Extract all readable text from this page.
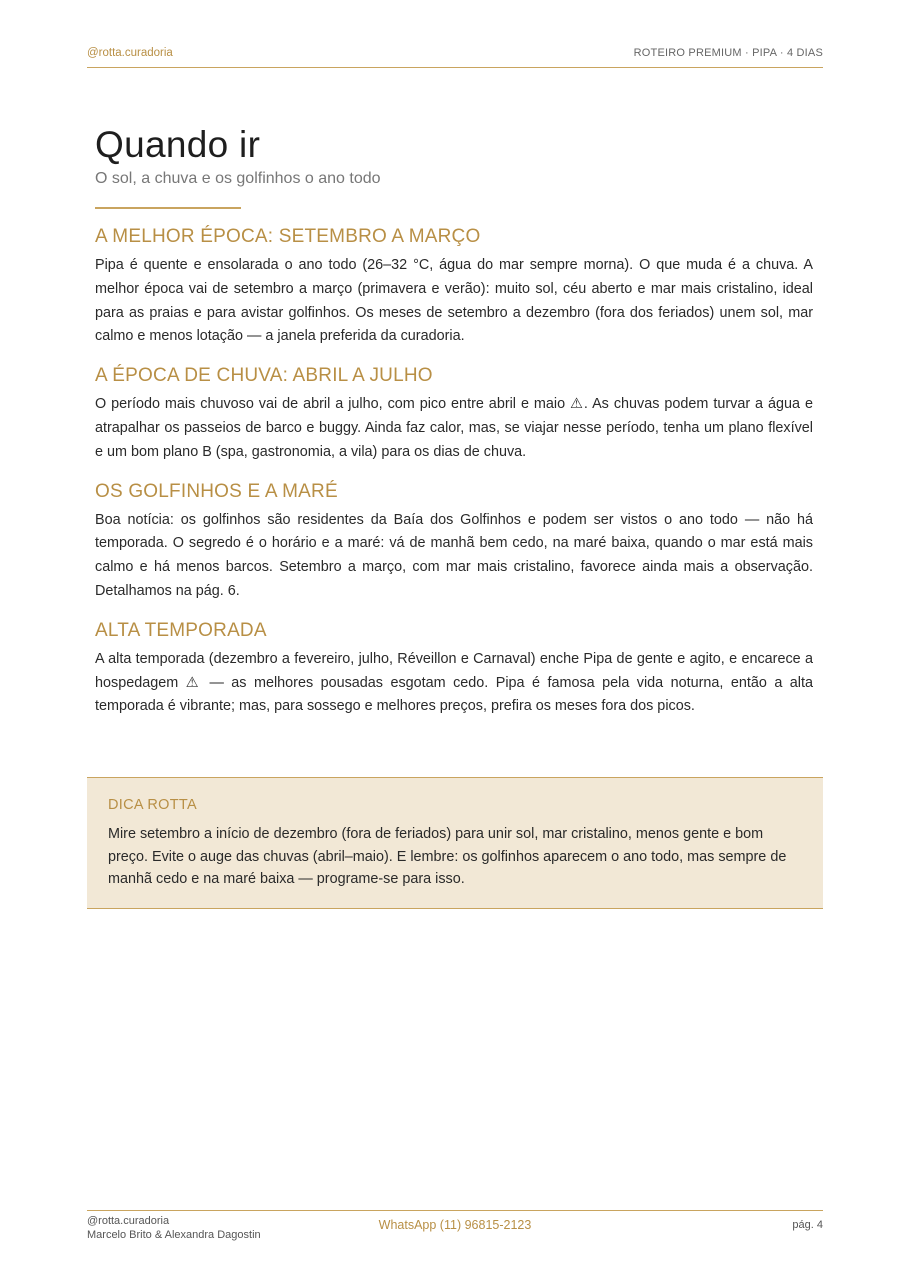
@rotta.curadoria	ROTEIRO PREMIUM · PIPA · 4 DIAS
Quando ir
O sol, a chuva e os golfinhos o ano todo
A MELHOR ÉPOCA: SETEMBRO A MARÇO

Pipa é quente e ensolarada o ano todo (26–32 °C, água do mar sempre morna). O que muda é a chuva. A melhor época vai de setembro a março (primavera e verão): muito sol, céu aberto e mar mais cristalino, ideal para as praias e para avistar golfinhos. Os meses de setembro a dezembro (fora dos feriados) unem sol, mar calmo e menos lotação — a janela preferida da curadoria.

A ÉPOCA DE CHUVA: ABRIL A JULHO

O período mais chuvoso vai de abril a julho, com pico entre abril e maio ⚠. As chuvas podem turvar a água e atrapalhar os passeios de barco e buggy. Ainda faz calor, mas, se viajar nesse período, tenha um plano flexível e um bom plano B (spa, gastronomia, a vila) para os dias de chuva.

OS GOLFINHOS E A MARÉ

Boa notícia: os golfinhos são residentes da Baía dos Golfinhos e podem ser vistos o ano todo — não há temporada. O segredo é o horário e a maré: vá de manhã bem cedo, na maré baixa, quando o mar está mais calmo e há menos barcos. Setembro a março, com mar mais cristalino, favorece ainda mais a observação. Detalhamos na pág. 6.

ALTA TEMPORADA

A alta temporada (dezembro a fevereiro, julho, Réveillon e Carnaval) enche Pipa de gente e agito, e encarece a hospedagem ⚠ — as melhores pousadas esgotam cedo. Pipa é famosa pela vida noturna, então a alta temporada é vibrante; mas, para sossego e melhores preços, prefira os meses fora dos picos.

DICA ROTTA

Mire setembro a início de dezembro (fora de feriados) para unir sol, mar cristalino, menos gente e bom preço. Evite o auge das chuvas (abril–maio). E lembre: os golfinhos aparecem o ano todo, mas sempre de manhã cedo e na maré baixa — programe-se para isso.

@rotta.curadoria
Marcelo Brito & Alexandra Dagostin
WhatsApp (11) 96815-2123	pág. 4
